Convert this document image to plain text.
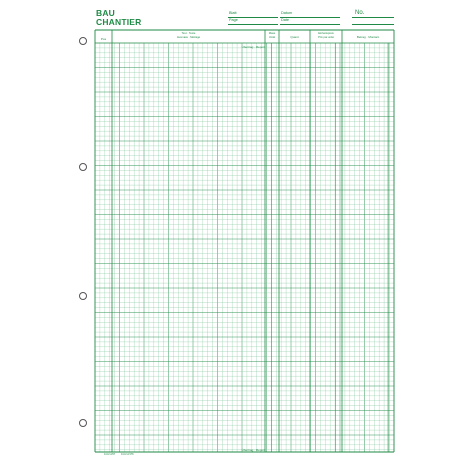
BAU
CHANTIER
Blatt
Page
Datum
Date
No.
Pos
Text · Texte
Ausmass · Métrage
Mass
Unité	Quant
Einheitspreis
Prix par unité	Betrag · Montant
Übertrag · Report
Übertrag · Report
1/AU 2/67 1/AU 2/176
